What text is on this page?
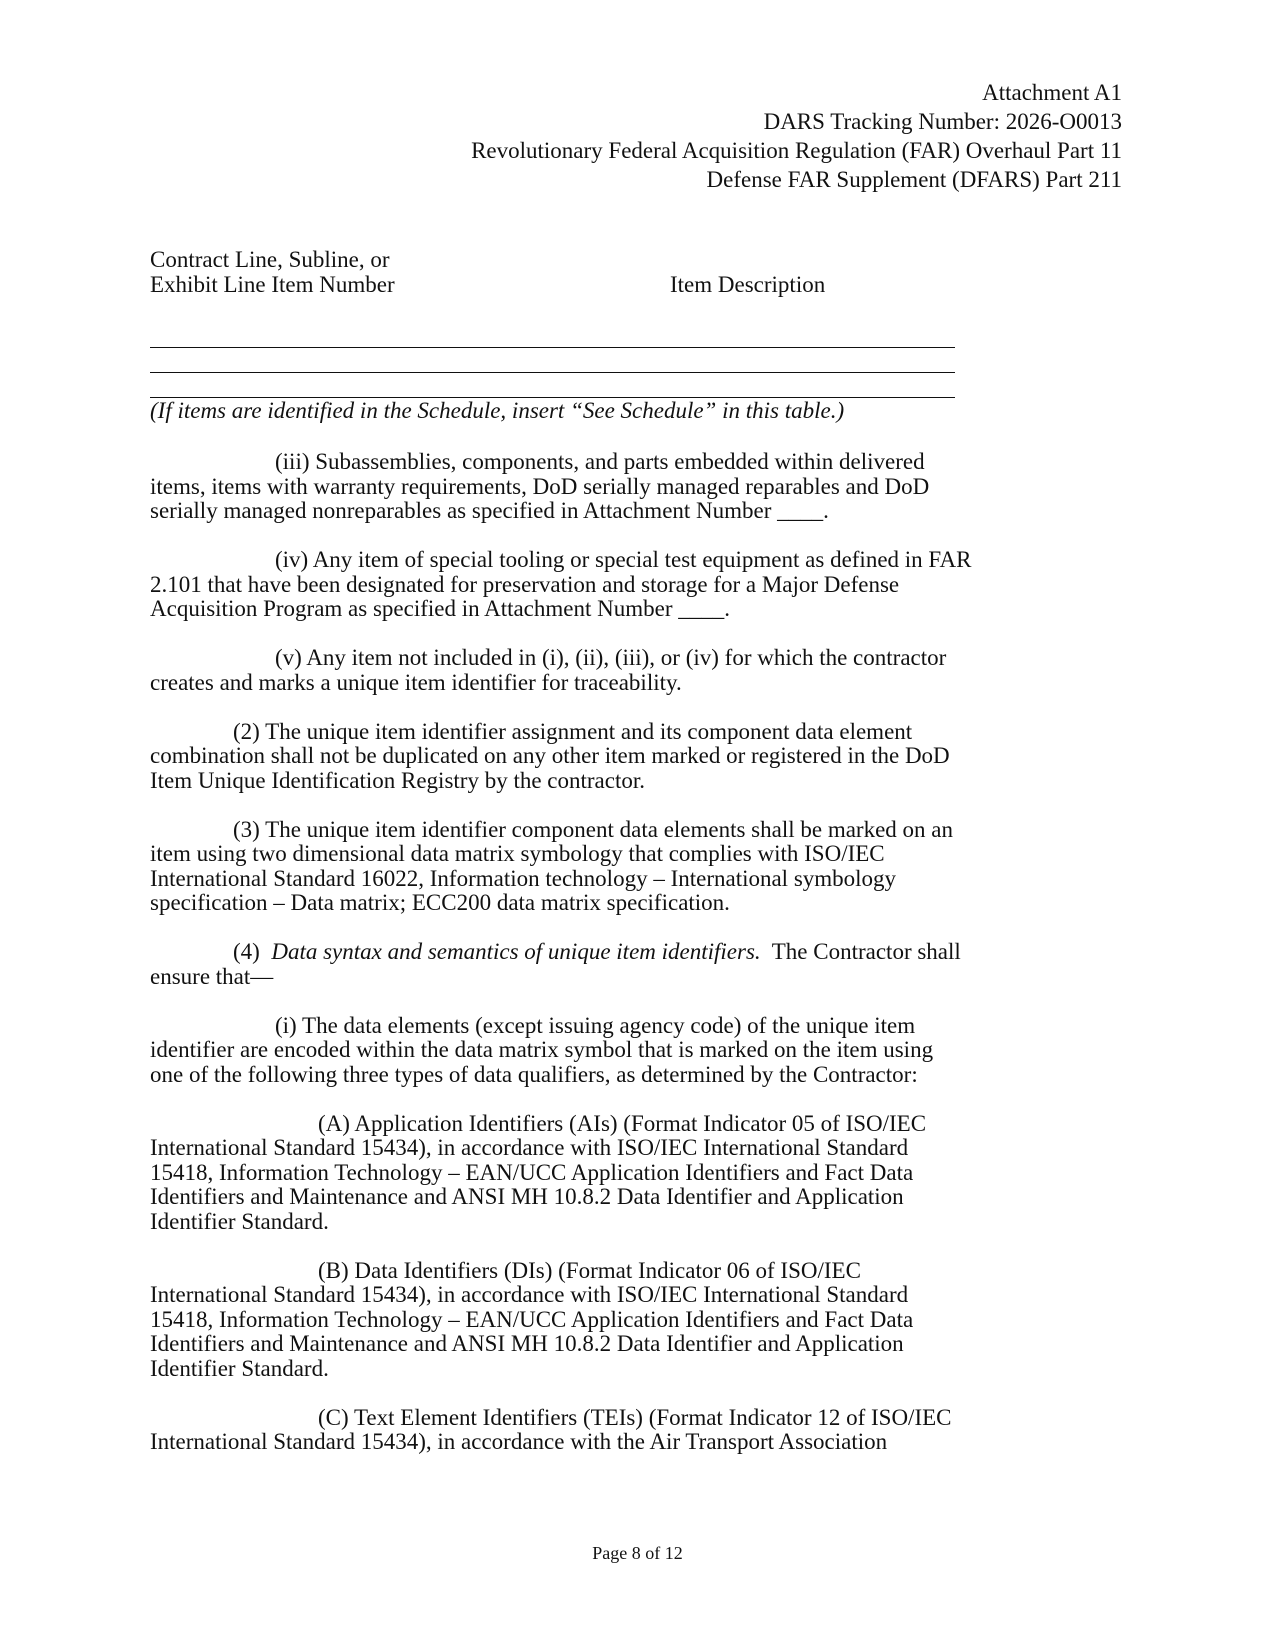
Attachment A1
DARS Tracking Number: 2026-O0013
Revolutionary Federal Acquisition Regulation (FAR) Overhaul Part 11
Defense FAR Supplement (DFARS) Part 211
Contract Line, Subline, or
Exhibit Line Item Number	Item Description
(If items are identified in the Schedule, insert “See Schedule” in this table.)
(iii) Subassemblies, components, and parts embedded within delivered
items, items with warranty requirements, DoD serially managed reparables and DoD
serially managed nonreparables as specified in Attachment Number ____.
(iv) Any item of special tooling or special test equipment as defined in FAR
2.101 that have been designated for preservation and storage for a Major Defense
Acquisition Program as specified in Attachment Number ____.
(v) Any item not included in (i), (ii), (iii), or (iv) for which the contractor
creates and marks a unique item identifier for traceability.
(2) The unique item identifier assignment and its component data element
combination shall not be duplicated on any other item marked or registered in the DoD
Item Unique Identification Registry by the contractor.
(3) The unique item identifier component data elements shall be marked on an
item using two dimensional data matrix symbology that complies with ISO/IEC
International Standard 16022, Information technology – International symbology
specification – Data matrix; ECC200 data matrix specification.
(4)  Data syntax and semantics of unique item identifiers.  The Contractor shall
ensure that—
(i) The data elements (except issuing agency code) of the unique item
identifier are encoded within the data matrix symbol that is marked on the item using
one of the following three types of data qualifiers, as determined by the Contractor:
(A) Application Identifiers (AIs) (Format Indicator 05 of ISO/IEC
International Standard 15434), in accordance with ISO/IEC International Standard
15418, Information Technology – EAN/UCC Application Identifiers and Fact Data
Identifiers and Maintenance and ANSI MH 10.8.2 Data Identifier and Application
Identifier Standard.
(B) Data Identifiers (DIs) (Format Indicator 06 of ISO/IEC
International Standard 15434), in accordance with ISO/IEC International Standard
15418, Information Technology – EAN/UCC Application Identifiers and Fact Data
Identifiers and Maintenance and ANSI MH 10.8.2 Data Identifier and Application
Identifier Standard.
(C) Text Element Identifiers (TEIs) (Format Indicator 12 of ISO/IEC
International Standard 15434), in accordance with the Air Transport Association
Page 8 of 12
